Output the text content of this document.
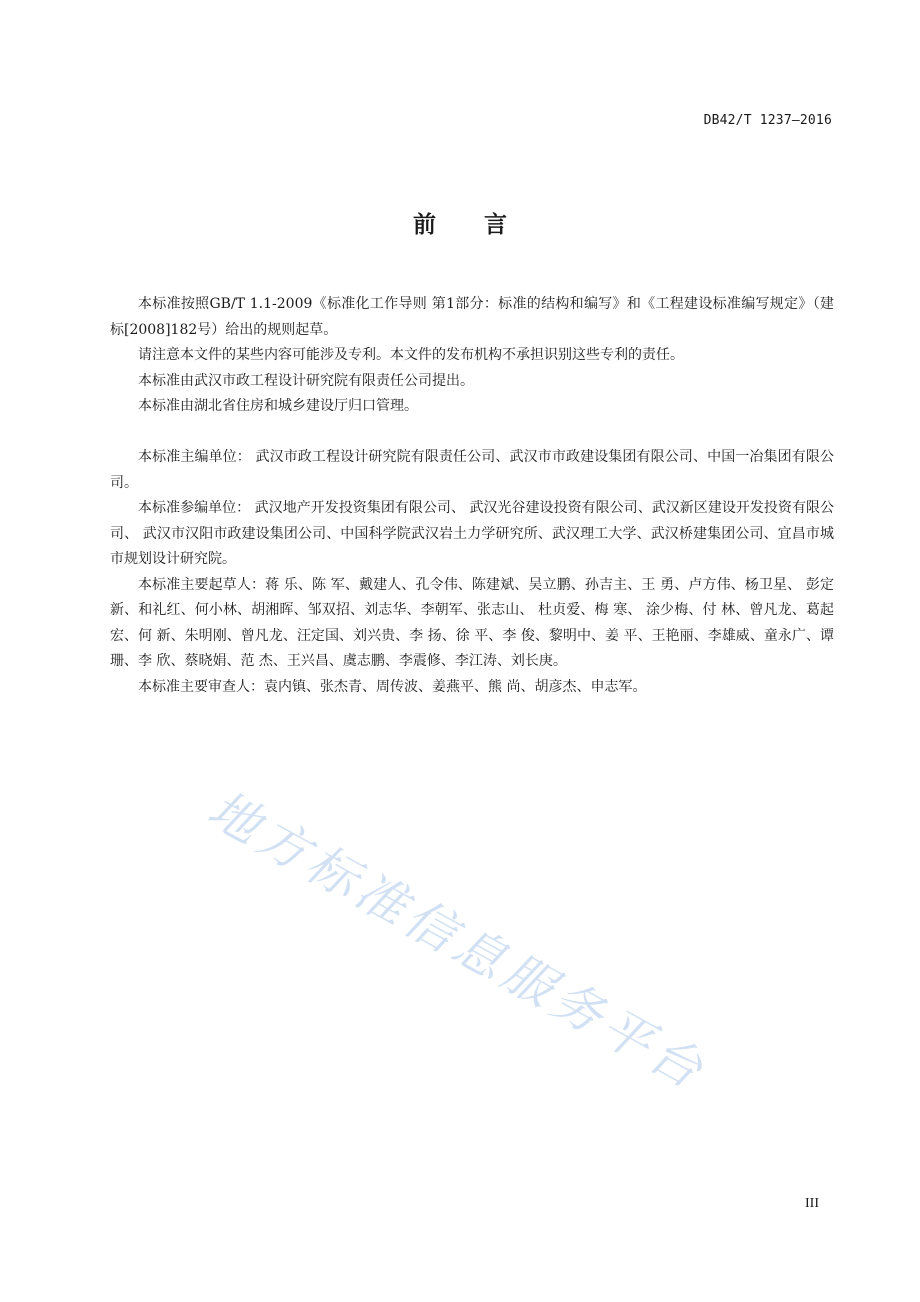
DB42/T 1237—2016
前 言

本标准按照GB/T 1.1-2009《标准化工作导则 第1部分：标准的结构和编写》和《工程建设标准编写规定》（建标[2008]182号）给出的规则起草。

请注意本文件的某些内容可能涉及专利。本文件的发布机构不承担识别这些专利的责任。

本标准由武汉市政工程设计研究院有限责任公司提出。

本标准由湖北省住房和城乡建设厅归口管理。

本标准主编单位： 武汉市政工程设计研究院有限责任公司、武汉市市政建设集团有限公司、中国一冶集团有限公司。

本标准参编单位： 武汉地产开发投资集团有限公司、 武汉光谷建设投资有限公司、武汉新区建设开发投资有限公司、 武汉市汉阳市政建设集团公司、中国科学院武汉岩土力学研究所、武汉理工大学、武汉桥建集团公司、宜昌市城市规划设计研究院。

本标准主要起草人：蒋 乐、陈 军、戴建人、孔令伟、陈建斌、吴立鹏、孙吉主、王 勇、卢方伟、杨卫星、 彭定新、和礼红、何小林、胡湘晖、邹双招、刘志华、李朝军、张志山、 杜贞爱、梅 寒、 涂少梅、付 林、曾凡龙、葛起宏、何 新、朱明刚、曾凡龙、汪定国、刘兴贵、李 扬、徐 平、李 俊、黎明中、姜 平、王艳丽、李雄威、童永广、谭 珊、李 欣、蔡晓娟、范 杰、王兴昌、虞志鹏、李震修、李江涛、刘长庚。

本标准主要审查人：袁内镇、张杰青、周传波、姜燕平、熊 尚、胡彦杰、申志军。

地方标准信息服务平台
III
